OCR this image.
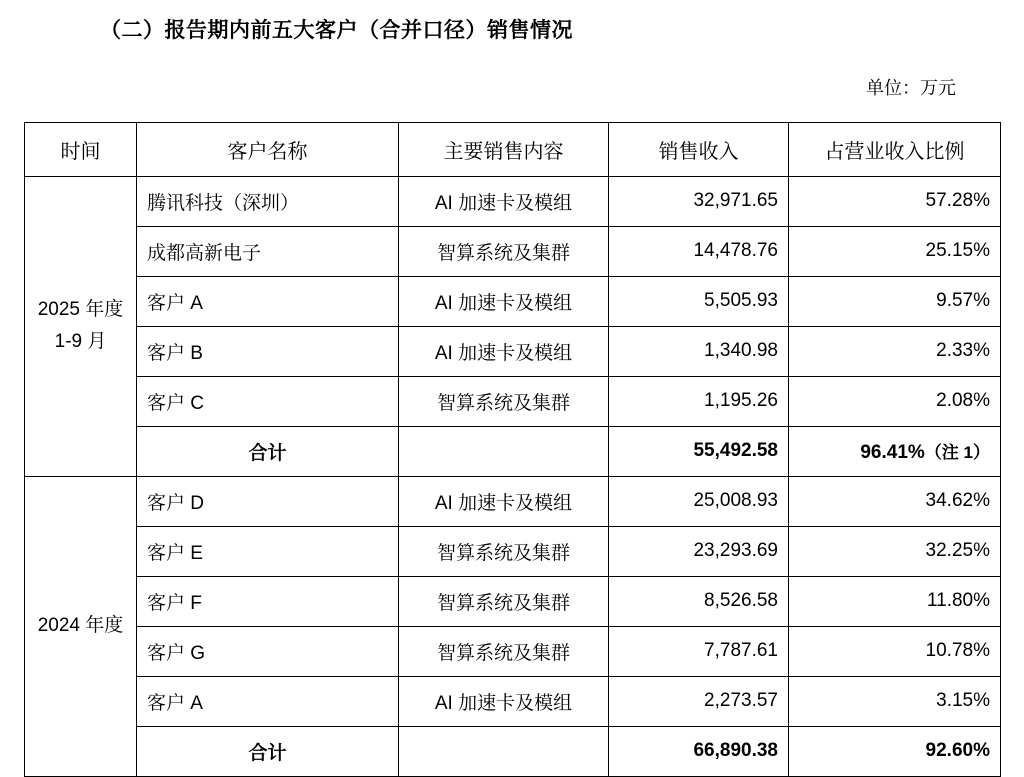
（二）报告期内前五大客户（合并口径）销售情况
单位：万元
时间	客户名称	主要销售内容	销售收入	占营业收入比例

2025 年度
1-9 月	腾讯科技（深圳）	AI 加速卡及模组	32,971.65	57.28%
	成都高新电子	智算系统及集群	14,478.76	25.15%
	客户 A	AI 加速卡及模组	5,505.93	9.57%
	客户 B	AI 加速卡及模组	1,340.98	2.33%
	客户 C	智算系统及集群	1,195.26	2.08%
	合计		55,492.58	96.41%（注 1）

2024 年度	客户 D	AI 加速卡及模组	25,008.93	34.62%
	客户 E	智算系统及集群	23,293.69	32.25%
	客户 F	智算系统及集群	8,526.58	11.80%
	客户 G	智算系统及集群	7,787.61	10.78%
	客户 A	AI 加速卡及模组	2,273.57	3.15%
	合计		66,890.38	92.60%
